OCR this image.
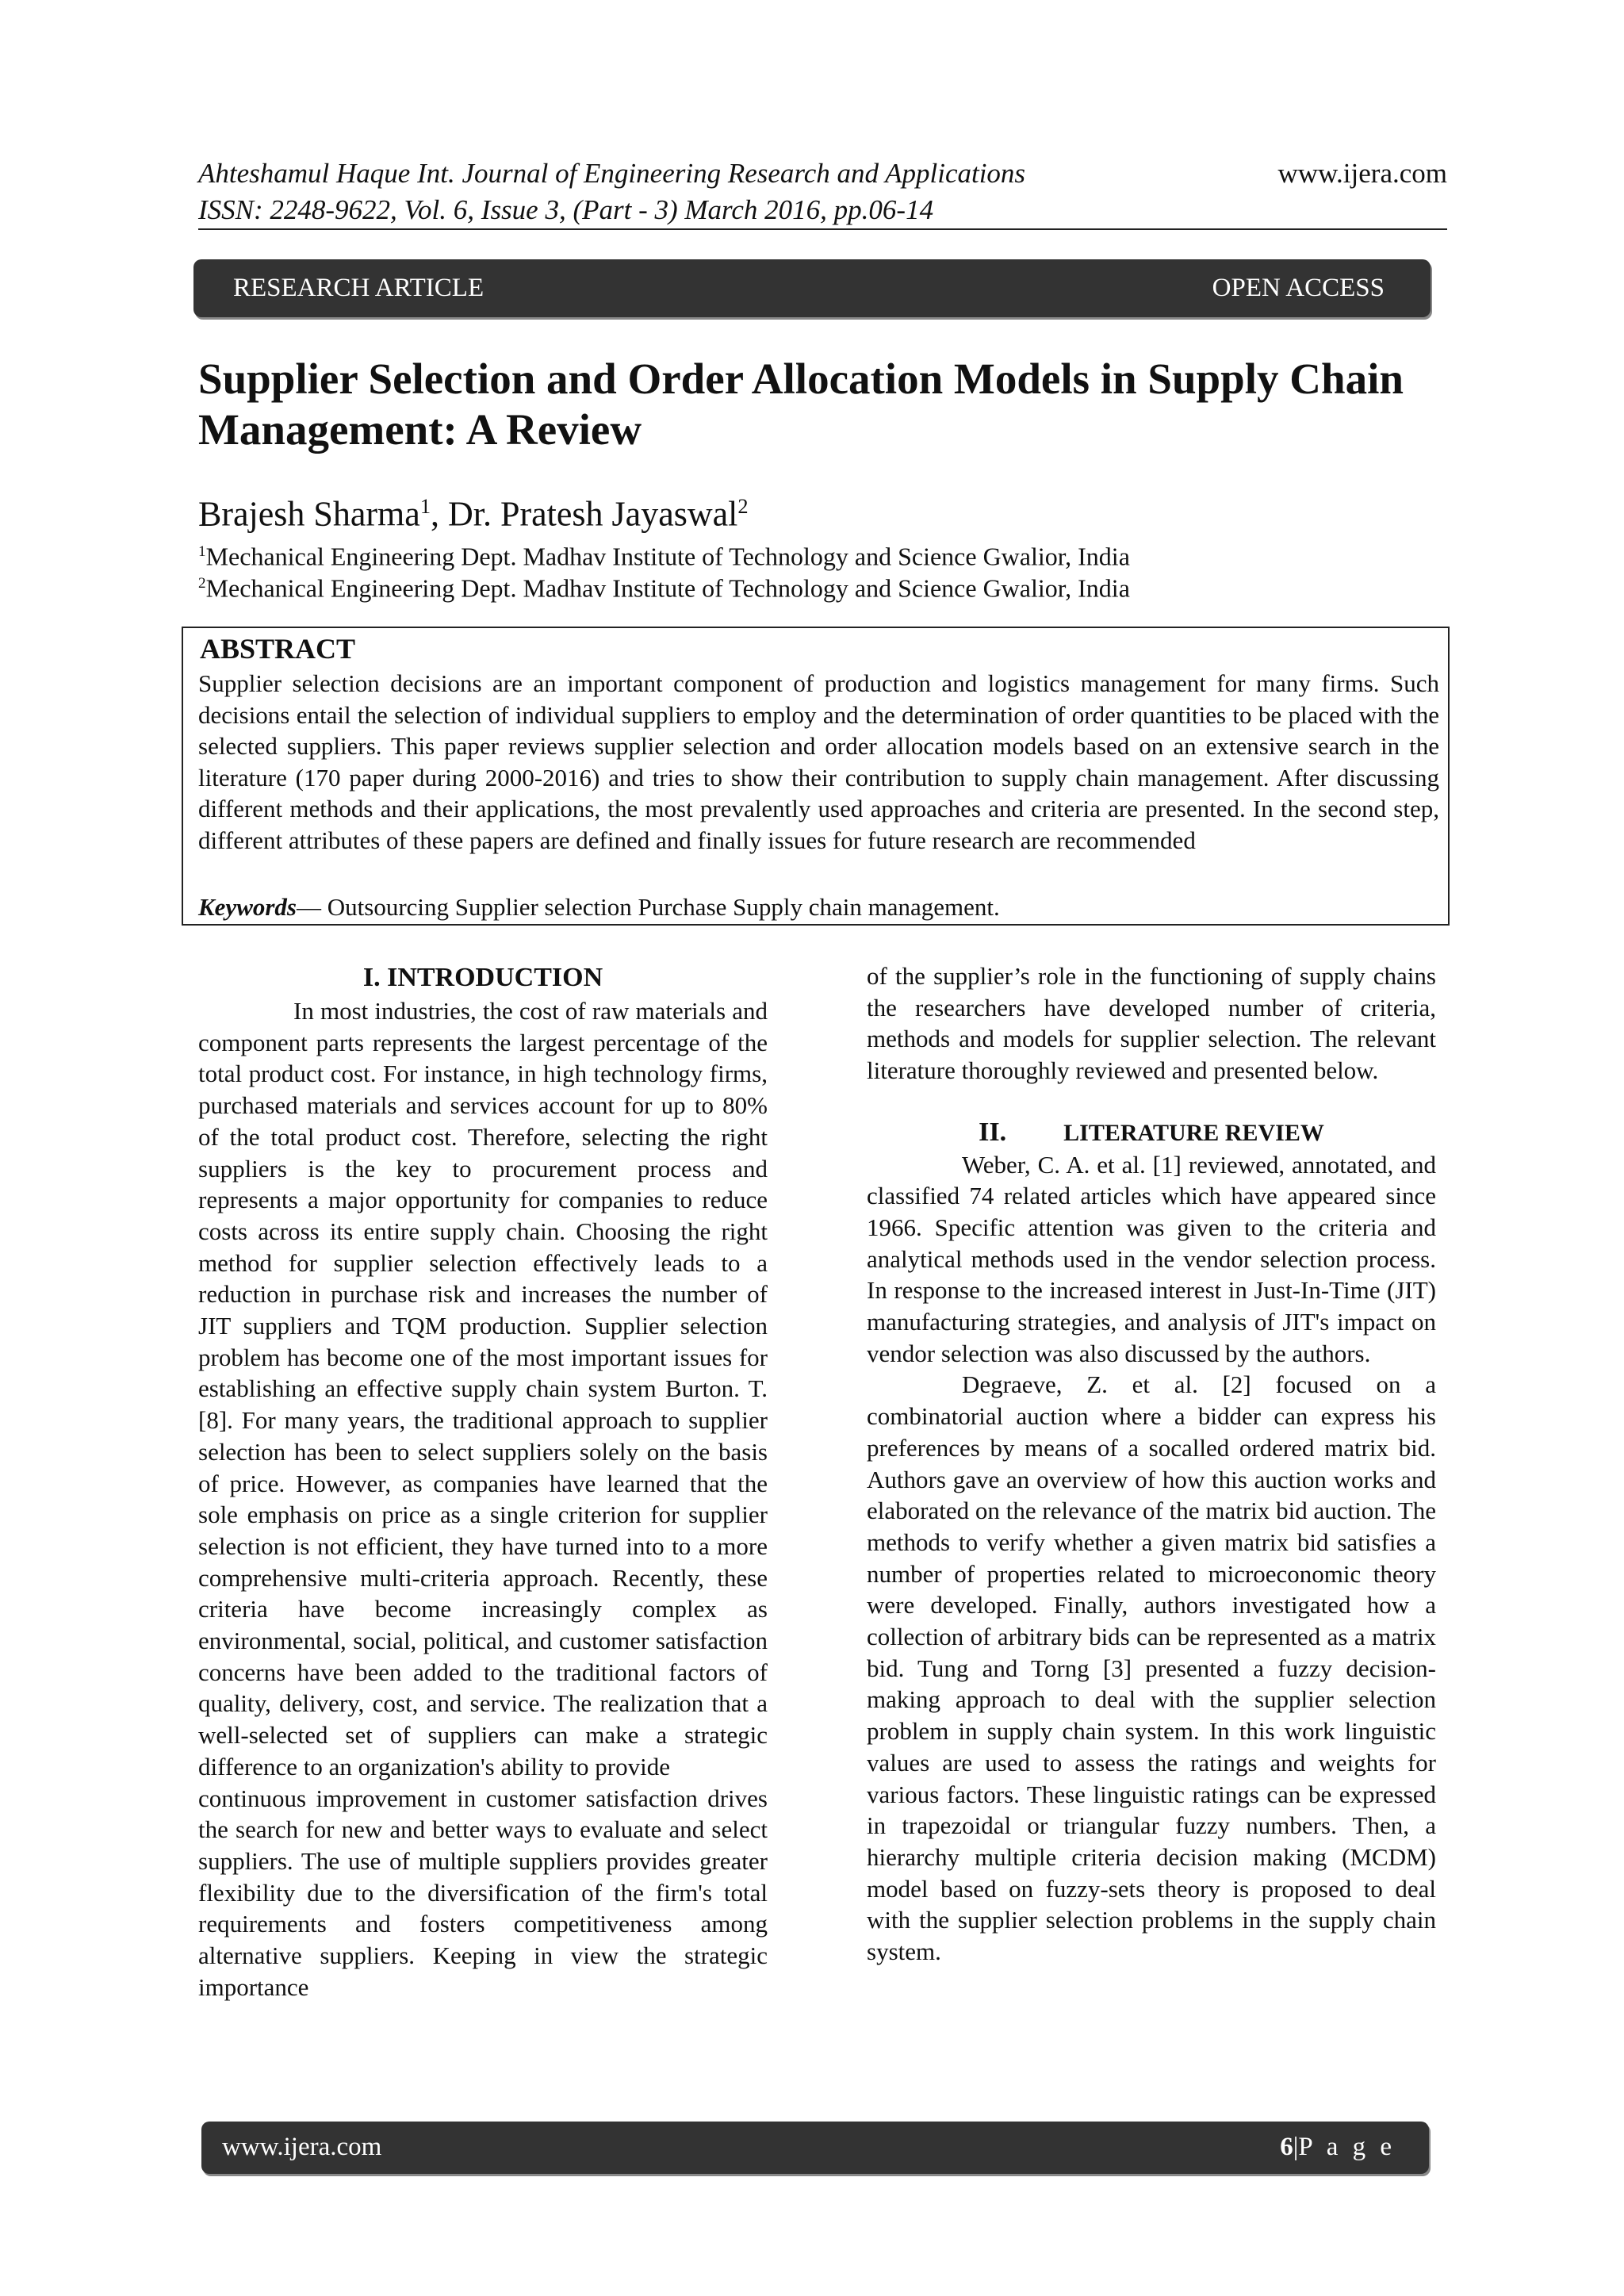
Ahteshamul Haque Int. Journal of Engineering Research and Applications
ISSN: 2248-9622, Vol. 6, Issue 3, (Part - 3) March 2016, pp.06-14
www.ijera.com
RESEARCH ARTICLE	OPEN ACCESS
Supplier Selection and Order Allocation Models in Supply Chain
Management: A Review
Brajesh Sharma$^1$, Dr. Pratesh Jayaswal$^2$
$^1$Mechanical Engineering Dept. Madhav Institute of Technology and Science Gwalior, India
$^2$Mechanical Engineering Dept. Madhav Institute of Technology and Science Gwalior, India
ABSTRACT
Supplier selection decisions are an important component of production and logistics management for many firms. Such decisions entail the selection of individual suppliers to employ and the determination of order quantities to be placed with the selected suppliers. This paper reviews supplier selection and order allocation models based on an extensive search in the literature (170 paper during 2000-2016) and tries to show their contribution to supply chain management. After discussing different methods and their applications, the most prevalently used approaches and criteria are presented. In the second step, different attributes of these papers are defined and finally issues for future research are recommended
Keywords— Outsourcing Supplier selection Purchase Supply chain management.
I. INTRODUCTION

In most industries, the cost of raw materials and component parts represents the largest percentage of the total product cost. For instance, in high technology firms, purchased materials and services account for up to 80% of the total product cost. Therefore, selecting the right suppliers is the key to procurement process and represents a major opportunity for companies to reduce costs across its entire supply chain. Choosing the right method for supplier selection effectively leads to a reduction in purchase risk and increases the number of JIT suppliers and TQM production. Supplier selection problem has become one of the most important issues for establishing an effective supply chain system Burton. T. [8]. For many years, the traditional approach to supplier selection has been to select suppliers solely on the basis of price. However, as companies have learned that the sole emphasis on price as a single criterion for supplier selection is not efficient, they have turned into to a more comprehensive multi-criteria approach. Recently, these criteria have become increasingly complex as environmental, social, political, and customer satisfaction concerns have been added to the traditional factors of quality, delivery, cost, and service. The realization that a well-selected set of suppliers can make a strategic difference to an organization's ability to provide

continuous improvement in customer satisfaction drives the search for new and better ways to evaluate and select suppliers. The use of multiple suppliers provides greater flexibility due to the diversification of the firm's total requirements and fosters competitiveness among alternative suppliers. Keeping in view the strategic importance

of the supplier’s role in the functioning of supply chains the researchers have developed number of criteria, methods and models for supplier selection. The relevant literature thoroughly reviewed and presented below.

II. LITERATURE REVIEW

Weber, C. A. et al. [1] reviewed, annotated, and classified 74 related articles which have appeared since 1966. Specific attention was given to the criteria and analytical methods used in the vendor selection process. In response to the increased interest in Just-In-Time (JIT) manufacturing strategies, and analysis of JIT's impact on vendor selection was also discussed by the authors.

Degraeve, Z. et al. [2] focused on a combinatorial auction where a bidder can express his preferences by means of a socalled ordered matrix bid. Authors gave an overview of how this auction works and elaborated on the relevance of the matrix bid auction. The methods to verify whether a given matrix bid satisfies a number of properties related to microeconomic theory were developed. Finally, authors investigated how a collection of arbitrary bids can be represented as a matrix bid. Tung and Torng [3] presented a fuzzy decision-making approach to deal with the supplier selection problem in supply chain system. In this work linguistic values are used to assess the ratings and weights for various factors. These linguistic ratings can be expressed in trapezoidal or triangular fuzzy numbers. Then, a hierarchy multiple criteria decision making (MCDM) model based on fuzzy-sets theory is proposed to deal with the supplier selection problems in the supply chain system.

www.ijera.com	6|P a g e
